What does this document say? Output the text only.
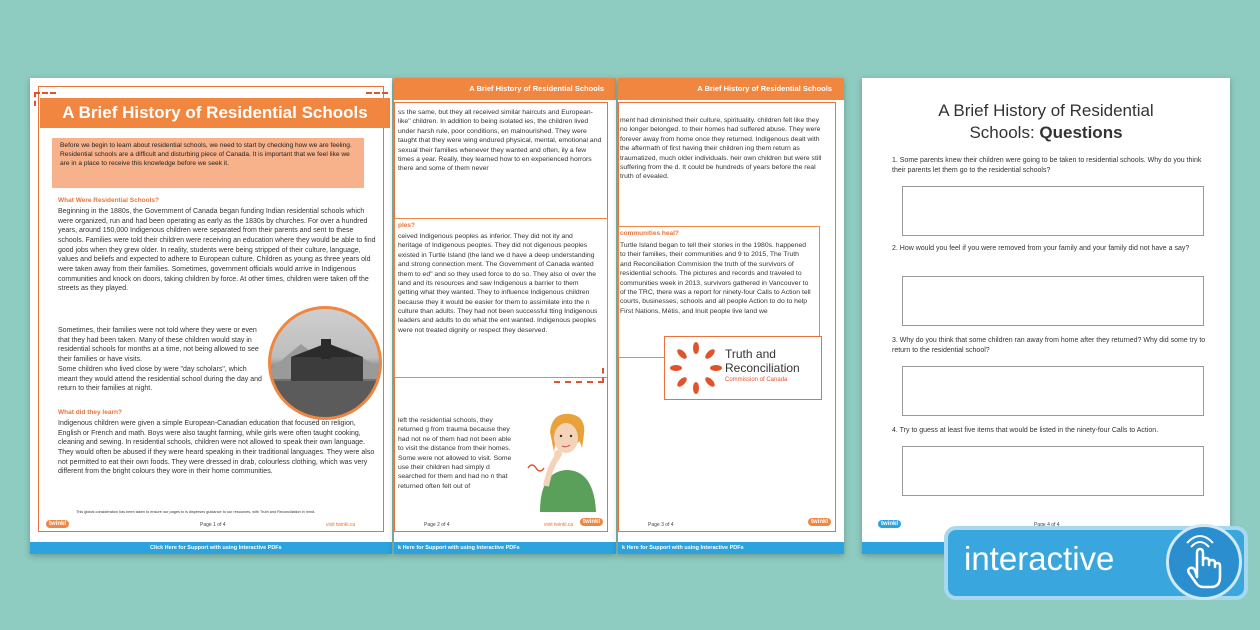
A Brief History of Residential Schools
Before we begin to learn about residential schools, we need to start by checking how we are feeling. Residential schools are a difficult and disturbing piece of Canada. It is important that we feel like we are in a place to receive this knowledge before we seek it.
What Were Residential Schools?
Beginning in the 1880s, the Government of Canada began funding Indian residential schools which were organized, run and had been operating as early as the 1830s by churches. For over a hundred years, around 150,000 Indigenous children were separated from their parents and sent to these schools. Families were told their children were receiving an education where they would be able to find good jobs when they grew older. In reality, students were being stripped of their culture, language, values and beliefs and expected to adhere to European culture. Children as young as three years old were taken away from their families. Sometimes, government officials would arrive in Indigenous communities and knock on doors, taking children by force. At other times, children were taken off the streets as they played.
Sometimes, their families were not told where they were or even that they had been taken. Many of these children would stay in residential schools for months at a time, not being allowed to see their families or have visits.
Some children who lived close by were "day scholars", which meant they would attend the residential school during the day and return to their families at night.
What did they learn?
Indigenous children were given a simple European-Canadian education that focused on religion, English or French and math. Boys were also taught farming, while girls were often taught cooking, cleaning and sewing. In residential schools, children were not allowed to speak their own language. They would often be abused if they were heard speaking in their traditional languages. They were also not permitted to eat their own foods. They were dressed in drab, colourless clothing, which was very different from the bright colours they wore in their home communities.
This global consideration has been taken to ensure our pages to is disperses guidance to our resources, with Truth and Reconciliation in mind.
twinkl	Page 1 of 4	visit twinkl.ca
Click Here for Support with using Interactive PDFs
A Brief History of Residential Schools
ss the same, but they all received similar haircuts and European-like" children. In addition to being isolated ies, the children lived under harsh rule, poor conditions, en malnourished. They were taught that they were wing endured physical, mental, emotional and sexual their families whenever they wanted and often, ily a few times a year. Really, they learned how to en experienced horrors there and some of them never
ples?
ceived Indigenous peoples as inferior. They did not ity and heritage of Indigenous peoples. They did not digenous peoples existed in Turtle Island (the land we d have a deep understanding and strong connection ment. The Government of Canada wanted them to ed" and so they used force to do so. They also ol over the land and its resources and saw Indigenous a barrier to them getting what they wanted. They to influence Indigenous children because they it would be easier for them to assimilate into the n culture than adults. They had not been successful tting Indigenous leaders and adults to do what the ent wanted. Indigenous peoples were not treated dignity or respect they deserved.
left the residential schools, they returned g from trauma because they had not ne of them had not been able to visit the distance from their homes. Some were not allowed to visit. Some use their children had simply d searched for them and had no n that returned often felt out of
Page 2 of 4	visit twinkl.ca	twinkl
k Here for Support with using Interactive PDFs
A Brief History of Residential Schools
ment had diminished their culture, spirituality. children felt like they no longer belonged. to their homes had suffered abuse. They were forever away from home once they returned. Indigenous dealt with the aftermath of first having their children ing them return as traumatized, much older individuals. heir own children but were still suffering from the d. It could be hundreds of years before the real truth of evealed.
communities heal?
Turtle Island began to tell their stories in the 1980s. happened to their families, their communities and 9 to 2015, The Truth and Reconciliation Commision the truth of the survivors of residential schools. The pictures and records and traveled to communities week in 2013, survivors gathered in Vancouver to of the TRC, there was a report for ninety-four Calls to Action tell courts, businesses, schools and all people Action to do to help First Nations, Métis, and Inuit people live land we
Truth and
Reconciliation
Commission of Canada
Page 3 of 4	twinkl
k Here for Support with using Interactive PDFs
A Brief History of Residential
Schools: Questions
1. Some parents knew their children were going to be taken to residential schools. Why do you think their parents let them go to the residential schools?
2. How would you feel if you were removed from your family and your family did not have a say?
3. Why do you think that some children ran away from home after they returned? Why did some try to return to the residential school?
4. Try to guess at least five items that would be listed in the ninety-four Calls to Action.
twinkl	Page 4 of 4
interactive
